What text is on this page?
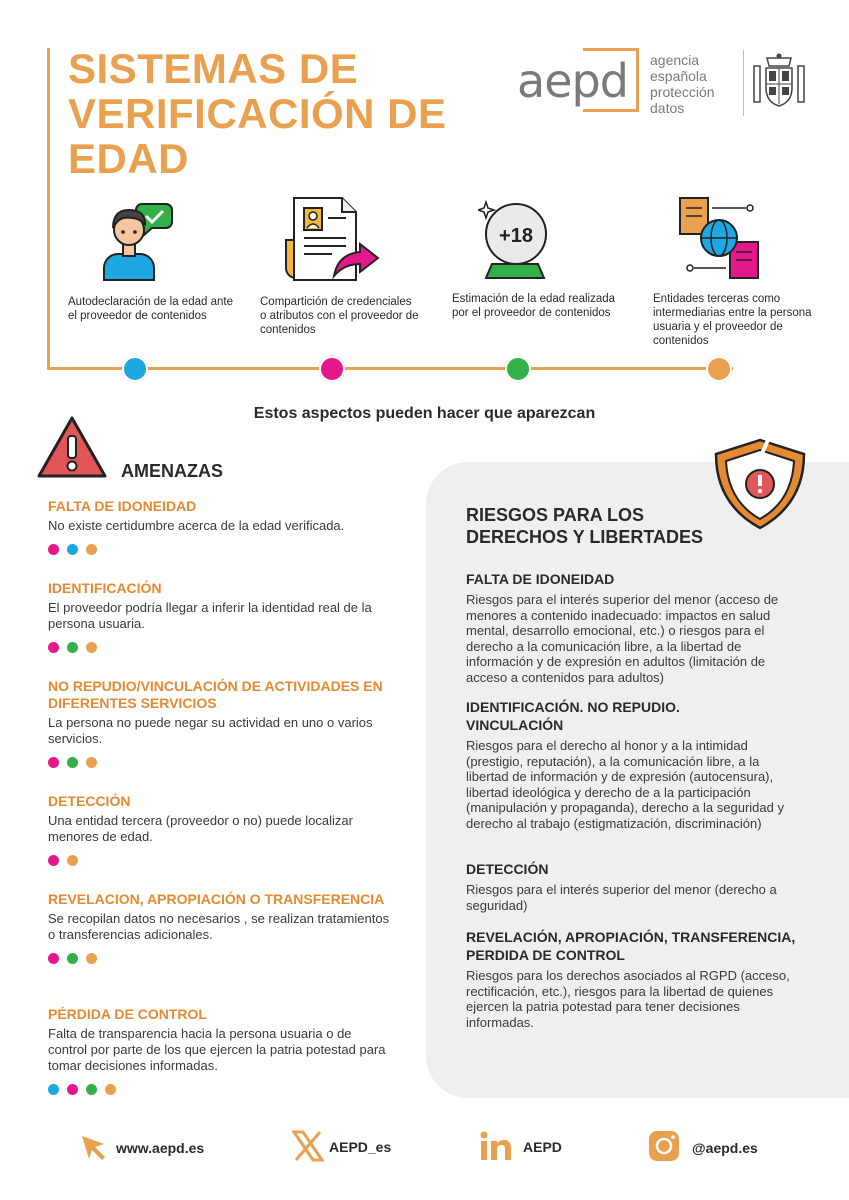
SISTEMAS DE VERIFICACIÓN DE EDAD
aepd agencia
española
protección
datos
+18
Autodeclaración de la edad ante el proveedor de contenidos
Compartición de credenciales o atributos con el proveedor de contenidos
Estimación de la edad realizada por el proveedor de contenidos
Entidades terceras como intermediarias entre la persona usuaria y el proveedor de contenidos
Estos aspectos pueden hacer que aparezcan
AMENAZAS
FALTA DE IDONEIDAD
No existe certidumbre acerca de la edad verificada.
IDENTIFICACIÓN
El proveedor podría llegar a inferir la identidad real de la persona usuaria.
NO REPUDIO/VINCULACIÓN DE ACTIVIDADES EN DIFERENTES SERVICIOS
La persona no puede negar su actividad en uno o varios servicios.
DETECCIÓN
Una entidad tercera (proveedor o no) puede localizar menores de edad.
REVELACION, APROPIACIÓN O TRANSFERENCIA
Se recopilan datos no necesarios , se realizan tratamientos o transferencias adicionales.
PÉRDIDA DE CONTROL
Falta de transparencia hacia la persona usuaria o de control por parte de los que ejercen la patria potestad para tomar decisiones informadas.
RIESGOS PARA LOS DERECHOS Y LIBERTADES
FALTA DE IDONEIDAD
Riesgos para el interés superior del menor (acceso de menores a contenido inadecuado: impactos en salud mental, desarrollo emocional, etc.) o riesgos para el derecho a la comunicación libre, a la libertad de información y de expresión en adultos (limitación de acceso a contenidos para adultos)
IDENTIFICACIÓN. NO REPUDIO. VINCULACIÓN
Riesgos para el derecho al honor y a la intimidad (prestigio, reputación), a la comunicación libre, a la libertad de información y de expresión (autocensura), libertad ideológica y derecho de a la participación (manipulación y propaganda), derecho a la seguridad y derecho al trabajo (estigmatización, discriminación)
DETECCIÓN
Riesgos para el interés superior del menor (derecho a seguridad)
REVELACIÓN, APROPIACIÓN, TRANSFERENCIA, PERDIDA DE CONTROL
Riesgos para los derechos asociados al RGPD (acceso, rectificación, etc.), riesgos para la libertad de quienes ejercen la patria potestad para tener decisiones informadas.
www.aepd.es	AEPD_es	AEPD	@aepd.es
